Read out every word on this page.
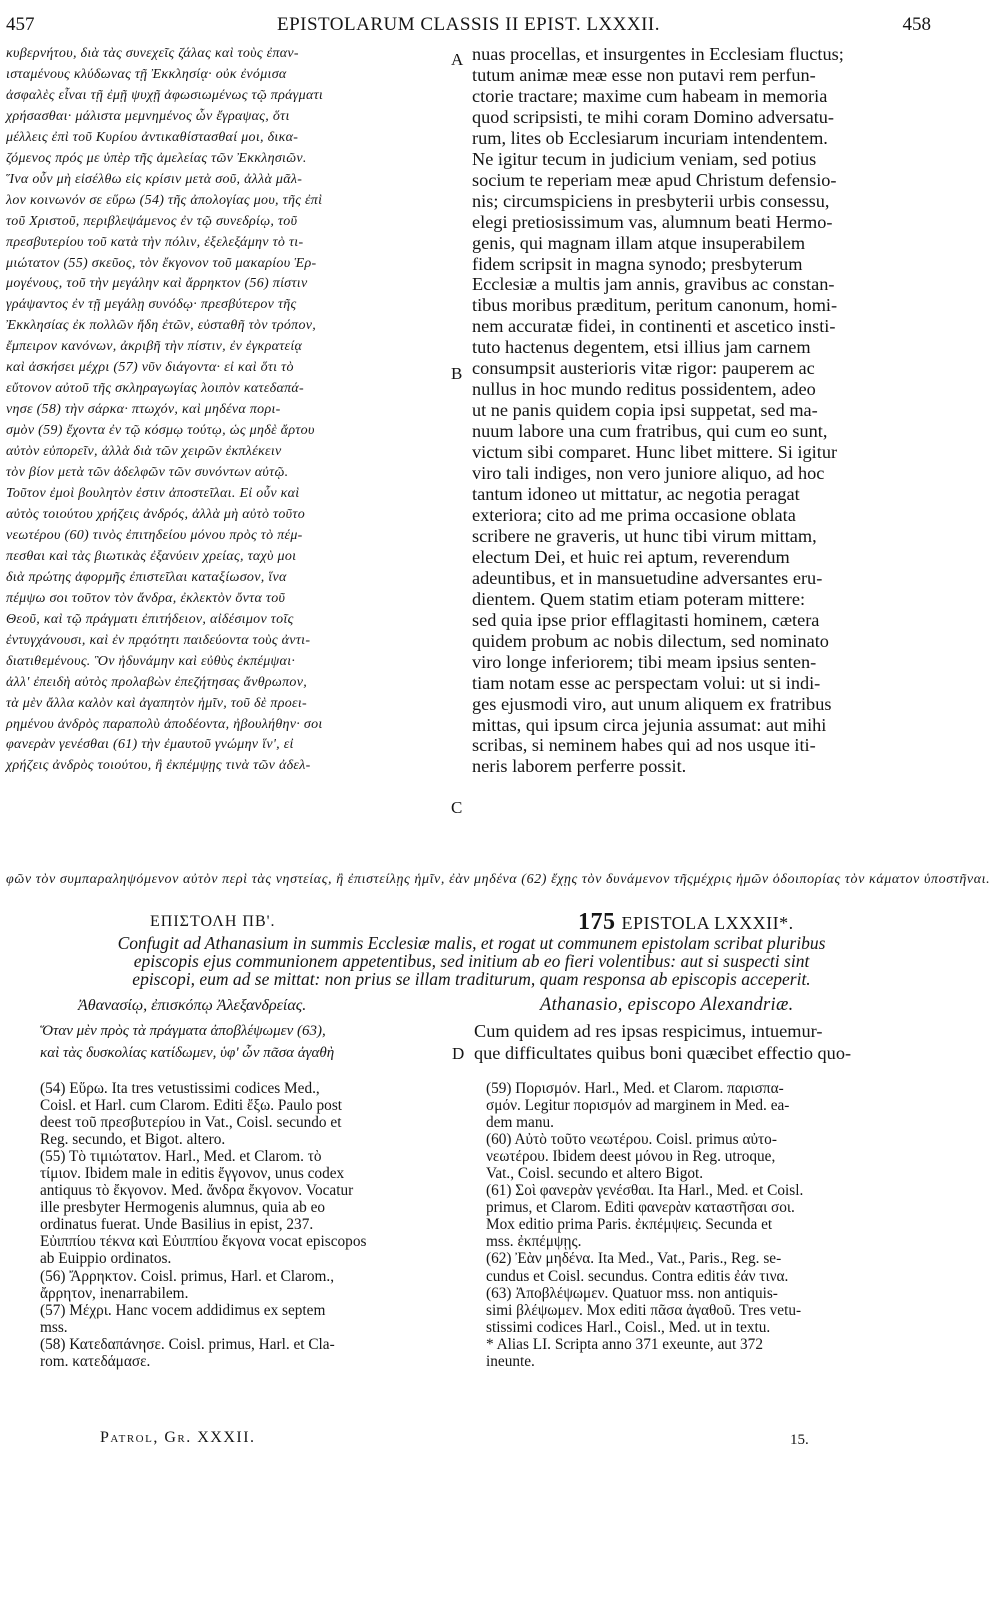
457	EPISTOLARUM CLASSIS II EPIST. LXXXII.	458
κυβερνήτου, διὰ τὰς συνεχεῖς ζάλας καὶ τοὺς ἐπαν-
ισταμένους κλύδωνας τῇ Ἐκκλησίᾳ· οὐκ ἐνόμισα
ἀσφαλὲς εἶναι τῇ ἐμῇ ψυχῇ ἀφωσιωμένως τῷ πράγματι
χρήσασθαι· μάλιστα μεμνημένος ὧν ἔγραψας, ὅτι
μέλλεις ἐπὶ τοῦ Κυρίου ἀντικαθίστασθαί μοι, δικα-
ζόμενος πρός με ὑπὲρ τῆς ἀμελείας τῶν Ἐκκλησιῶν.
Ἵνα οὖν μὴ εἰσέλθω εἰς κρίσιν μετὰ σοῦ, ἀλλὰ μᾶλ-
λον κοινωνόν σε εὕρω (54) τῆς ἀπολογίας μου, τῆς ἐπὶ
τοῦ Χριστοῦ, περιβλεψάμενος ἐν τῷ συνεδρίῳ, τοῦ
πρεσβυτερίου τοῦ κατὰ τὴν πόλιν, ἐξελεξάμην τὸ τι-
μιώτατον (55) σκεῦος, τὸν ἔκγονον τοῦ μακαρίου Ἑρ-
μογένους, τοῦ τὴν μεγάλην καὶ ἄρρηκτον (56) πίστιν
γράψαντος ἐν τῇ μεγάλῃ συνόδῳ· πρεσβύτερον τῆς
Ἐκκλησίας ἐκ πολλῶν ἤδη ἐτῶν, εὐσταθῆ τὸν τρόπον,
ἔμπειρον κανόνων, ἀκριβῆ τὴν πίστιν, ἐν ἐγκρατείᾳ
καὶ ἀσκήσει μέχρι (57) νῦν διάγοντα· εἰ καὶ ὅτι τὸ
εὔτονον αὐτοῦ τῆς σκληραγωγίας λοιπὸν κατεδαπά-
νησε (58) τὴν σάρκα· πτωχόν, καὶ μηδένα πορι-
σμὸν (59) ἔχοντα ἐν τῷ κόσμῳ τούτῳ, ὡς μηδὲ ἄρτου
αὐτὸν εὐπορεῖν, ἀλλὰ διὰ τῶν χειρῶν ἐκπλέκειν
τὸν βίον μετὰ τῶν ἀδελφῶν τῶν συνόντων αὐτῷ.
Τοῦτον ἐμοὶ βουλητὸν ἐστιν ἀποστεῖλαι. Εἰ οὖν καὶ
αὐτὸς τοιούτου χρήζεις ἀνδρός, ἀλλὰ μὴ αὐτὸ τοῦτο
νεωτέρου (60) τινὸς ἐπιτηδείου μόνου πρὸς τὸ πέμ-
πεσθαι καὶ τὰς βιωτικὰς ἐξανύειν χρείας, ταχὺ μοι
διὰ πρώτης ἀφορμῆς ἐπιστεῖλαι καταξίωσον, ἵνα
πέμψω σοι τοῦτον τὸν ἄνδρα, ἐκλεκτὸν ὄντα τοῦ
Θεοῦ, καὶ τῷ πράγματι ἐπιτήδειον, αἰδέσιμον τοῖς
ἐντυγχάνουσι, καὶ ἐν πρᾳότητι παιδεύοντα τοὺς ἀντι-
διατιθεμένους. Ὃν ἠδυνάμην καὶ εὐθὺς ἐκπέμψαι·
ἀλλ' ἐπειδὴ αὐτὸς προλαβὼν ἐπεζήτησας ἄνθρωπον,
τὰ μὲν ἄλλα καλὸν καὶ ἀγαπητὸν ἡμῖν, τοῦ δὲ προει-
ρημένου ἀνδρὸς παραπολὺ ἀποδέοντα, ἠβουλήθην· σοι
φανερὰν γενέσθαι (61) τὴν ἐμαυτοῦ γνώμην ἵν', εἰ
χρήζεις ἀνδρὸς τοιούτου, ἢ ἐκπέμψῃς τινὰ τῶν ἀδελ-
A
B
C
nuas procellas, et insurgentes in Ecclesiam fluctus;
tutum animæ meæ esse non putavi rem perfun-
ctorie tractare; maxime cum habeam in memoria
quod scripsisti, te mihi coram Domino adversatu-
rum, lites ob Ecclesiarum incuriam intendentem.
Ne igitur tecum in judicium veniam, sed potius
socium te reperiam meæ apud Christum defensio-
nis; circumspiciens in presbyterii urbis consessu,
elegi pretiosissimum vas, alumnum beati Hermo-
genis, qui magnam illam atque insuperabilem
fidem scripsit in magna synodo; presbyterum
Ecclesiæ a multis jam annis, gravibus ac constan-
tibus moribus præditum, peritum canonum, homi-
nem accuratæ fidei, in continenti et ascetico insti-
tuto hactenus degentem, etsi illius jam carnem
consumpsit austerioris vitæ rigor: pauperem ac
nullus in hoc mundo reditus possidentem, adeo
ut ne panis quidem copia ipsi suppetat, sed ma-
nuum labore una cum fratribus, qui cum eo sunt,
victum sibi comparet. Hunc libet mittere. Si igitur
viro tali indiges, non vero juniore aliquo, ad hoc
tantum idoneo ut mittatur, ac negotia peragat
exteriora; cito ad me prima occasione oblata
scribere ne graveris, ut hunc tibi virum mittam,
electum Dei, et huic rei aptum, reverendum
adeuntibus, et in mansuetudine adversantes eru-
dientem. Quem statim etiam poteram mittere:
sed quia ipse prior efflagitasti hominem, cætera
quidem probum ac nobis dilectum, sed nominato
viro longe inferiorem; tibi meam ipsius senten-
tiam notam esse ac perspectam volui: ut si indi-
ges ejusmodi viro, aut unum aliquem ex fratribus
mittas, qui ipsum circa jejunia assumat: aut mihi
scribas, si neminem habes qui ad nos usque iti-
neris laborem perferre possit.
φῶν τὸν συμπαραληψόμενον αὐτὸν περὶ τὰς νηστείας, ἢ ἐπιστείλῃς ἡμῖν, ἐὰν μηδένα (62) ἔχῃς τὸν δυνάμενον τῆςμέχρις ἡμῶν ὁδοιπορίας τὸν κάματον ὑποστῆναι.
ΕΠΙΣΤΟΛΗ ΠΒ'.	175 EPISTOLA LXXXII*.
Confugit ad Athanasium in summis Ecclesiæ malis, et rogat ut communem epistolam scribat pluribus
episcopis ejus communionem appetentibus, sed initium ab eo fieri volentibus: aut si suspecti sint
episcopi, eum ad se mittat: non prius se illam traditurum, quam responsa ab episcopis acceperit.
Ἀθανασίῳ, ἐπισκόπῳ Ἀλεξανδρείας.	Athanasio, episcopo Alexandriæ.
Ὅταν μὲν πρὸς τὰ πράγματα ἀποβλέψωμεν (63),
καὶ τὰς δυσκολίας κατίδωμεν, ὑφ' ὧν πᾶσα ἀγαθὴ	D
Cum quidem ad res ipsas respicimus, intuemur-
que difficultates quibus boni quæcibet effectio quo-
(54) Εὕρω. Ita tres vetustissimi codices Med.,
Coisl. et Harl. cum Clarom. Editi ἔξω. Paulo post
deest τοῦ πρεσβυτερίου in Vat., Coisl. secundo et
Reg. secundo, et Bigot. altero.
(55) Τὸ τιμιώτατον. Harl., Med. et Clarom. τὸ
τίμιον. Ibidem male in editis ἔγγονον, unus codex
antiquus τὸ ἔκγονον. Med. ἄνδρα ἔκγονον. Vocatur
ille presbyter Hermogenis alumnus, quia ab eo
ordinatus fuerat. Unde Basilius in epist, 237.
Εὐιππίου τέκνα καὶ Εὐιππίου ἔκγονα vocat episcopos
ab Euippio ordinatos.
(56) Ἄρρηκτον. Coisl. primus, Harl. et Clarom.,
ἄρρητον, inenarrabilem.
(57) Μέχρι. Hanc vocem addidimus ex septem
mss.
(58) Κατεδαπάνησε. Coisl. primus, Harl. et Cla-
rom. κατεδάμασε.
(59) Πορισμόν. Harl., Med. et Clarom. παρισπα-
σμόν. Legitur πορισμόν ad marginem in Med. ea-
dem manu.
(60) Αὐτὸ τοῦτο νεωτέρου. Coisl. primus αὐτο-
νεωτέρου. Ibidem deest μόνου in Reg. utroque,
Vat., Coisl. secundo et altero Bigot.
(61) Σοὶ φανερὰν γενέσθαι. Ita Harl., Med. et Coisl.
primus, et Clarom. Editi φανερὰν καταστῆσαι σοι.
Mox editio prima Paris. ἐκπέμψεις. Secunda et
mss. ἐκπέμψῃς.
(62) Ἐὰν μηδένα. Ita Med., Vat., Paris., Reg. se-
cundus et Coisl. secundus. Contra editis ἐάν τινα.
(63) Ἀποβλέψωμεν. Quatuor mss. non antiquis-
simi βλέψωμεν. Mox editi πᾶσα ἀγαθοῦ. Tres vetu-
stissimi codices Harl., Coisl., Med. ut in textu.
* Alias LI. Scripta anno 371 exeunte, aut 372
ineunte.
Patrol, Gr. XXXII.	15.
